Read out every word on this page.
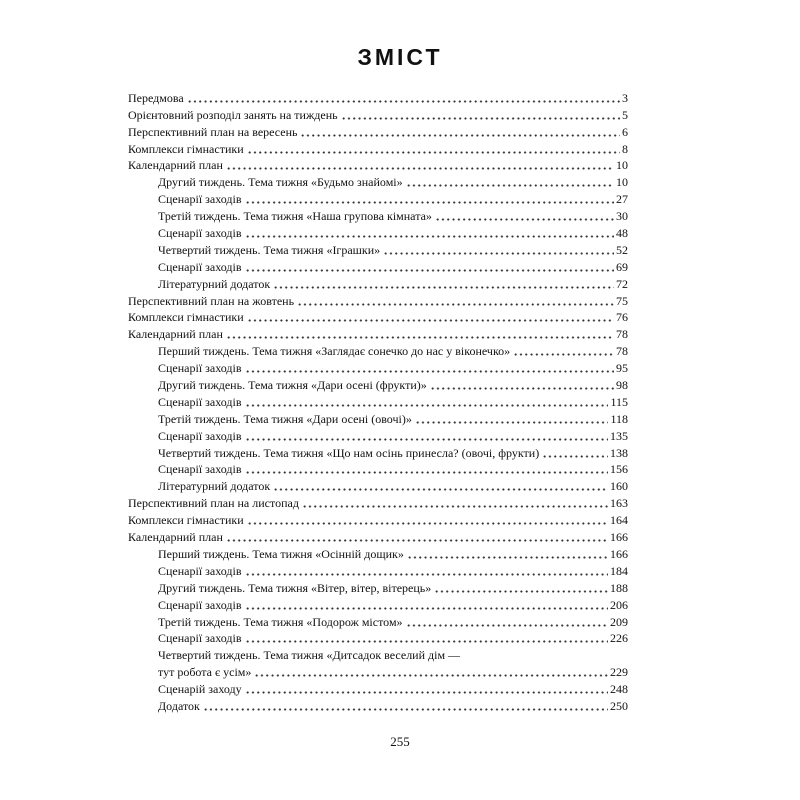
ЗМІСТ
Передмова	3
Орієнтовний розподіл занять на тиждень	5
Перспективний план на вересень	6
Комплекси гімнастики	8
Календарний план	10
Другий тиждень. Тема тижня «Будьмо знайомі»	10
Сценарії заходів	27
Третій тиждень. Тема тижня «Наша групова кімната»	30
Сценарії заходів	48
Четвертий тиждень. Тема тижня «Іграшки»	52
Сценарії заходів	69
Літературний додаток	72
Перспективний план на жовтень	75
Комплекси гімнастики	76
Календарний план	78
Перший тиждень. Тема тижня «Заглядає сонечко до нас у віконечко»	78
Сценарії заходів	95
Другий тиждень. Тема тижня «Дари осені (фрукти)»	98
Сценарії заходів	115
Третій тиждень. Тема тижня «Дари осені (овочі)»	118
Сценарії заходів	135
Четвертий тиждень. Тема тижня «Що нам осінь принесла? (овочі, фрукти)	138
Сценарії заходів	156
Літературний додаток	160
Перспективний план на листопад	163
Комплекси гімнастики	164
Календарний план	166
Перший тиждень. Тема тижня «Осінній дощик»	166
Сценарії заходів	184
Другий тиждень. Тема тижня «Вітер, вітер, вітерець»	188
Сценарії заходів	206
Третій тиждень. Тема тижня «Подорож містом»	209
Сценарії заходів	226
Четвертий тиждень. Тема тижня «Дитсадок веселий дім —
тут робота є усім»	229
Сценарій заходу	248
Додаток	250
255
